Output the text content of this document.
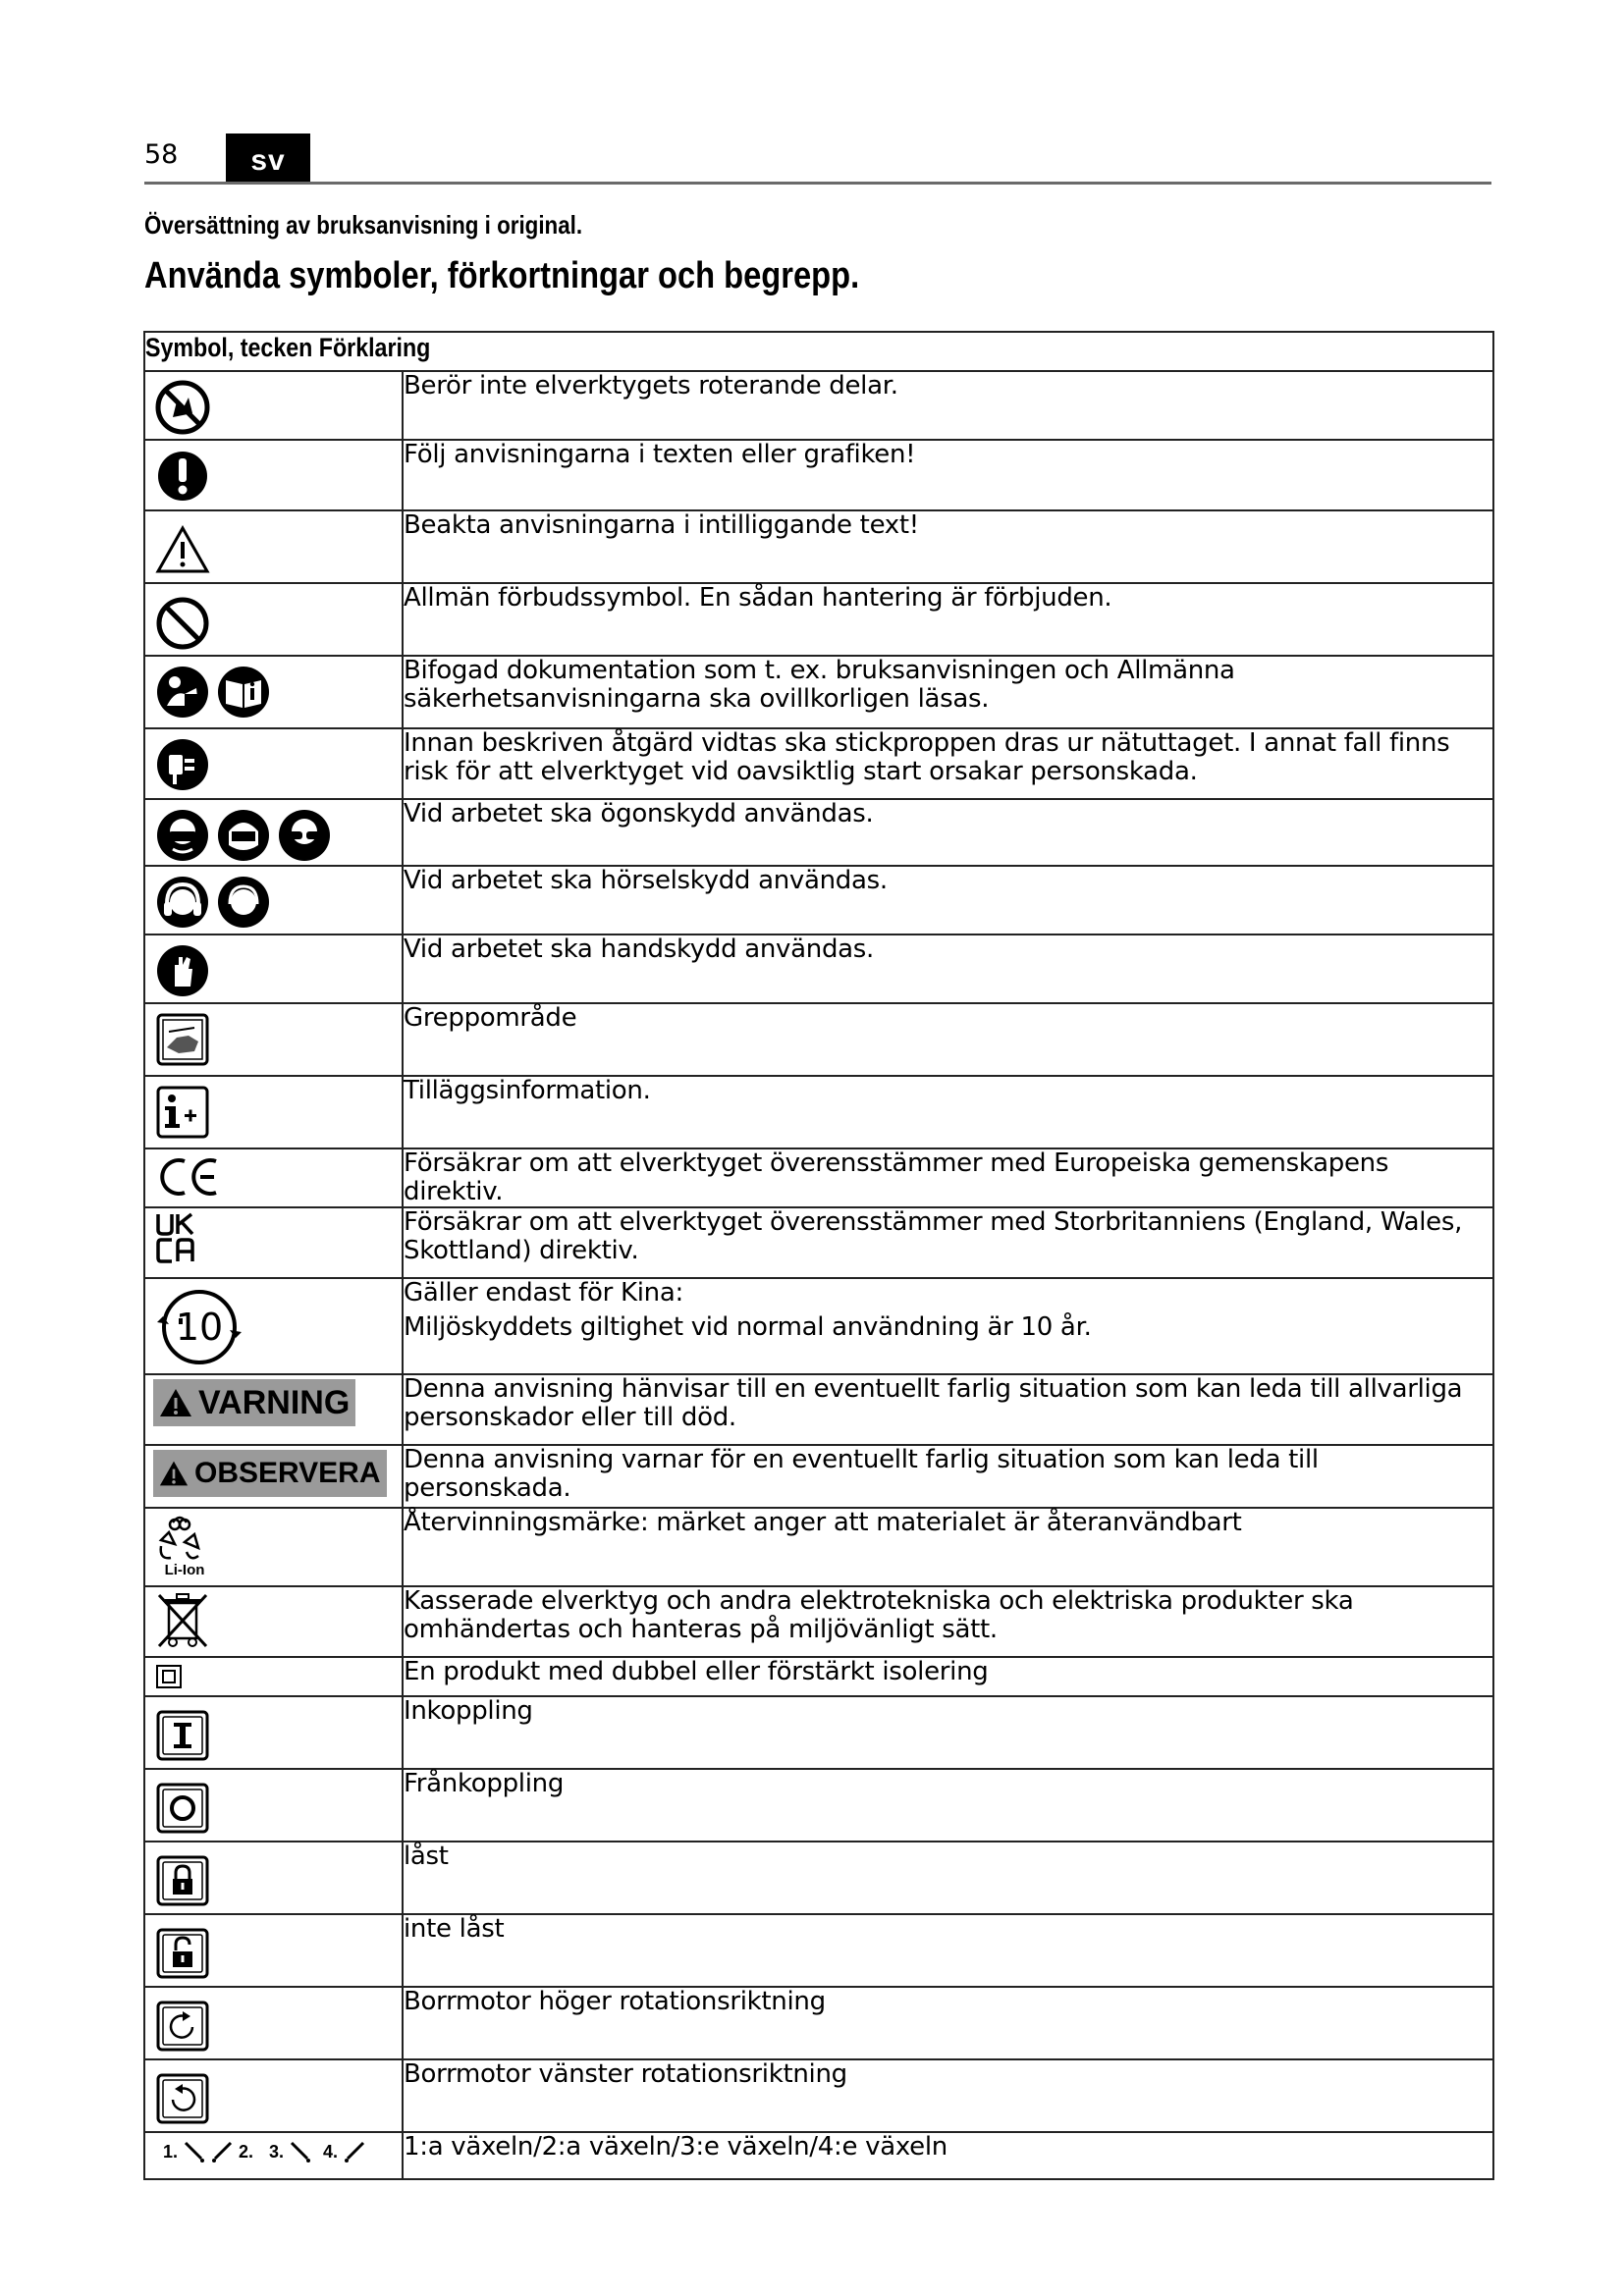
58	sv
Översättning av bruksanvisning i original.
Använda symboler, förkortningar och begrepp.
Symbol, tecken Förklaring	

	Berör inte elverktygets roterande delar.

	Följ anvisningarna i texten eller grafiken!

	Beakta anvisningarna i intilliggande text!

	Allmän förbudssymbol. En sådan hantering är förbjuden.

	Bifogad dokumentation som t. ex. bruksanvisningen och Allmänna säkerhetsanvisningarna ska ovillkorligen läsas.

	Innan beskriven åtgärd vidtas ska stickproppen dras ur nätuttaget. I annat fall finns risk för att elverktyget vid oavsiktlig start orsakar personskada.

	Vid arbetet ska ögonskydd användas.

	Vid arbetet ska hörselskydd användas.

	Vid arbetet ska handskydd användas.

	Greppområde

	Tilläggsinformation.

	Försäkrar om att elverktyget överensstämmer med Europeiska gemenskapens direktiv.

	Försäkrar om att elverktyget överensstämmer med Storbritanniens (England, Wales, Skottland) direktiv.

10	Gäller endast för Kina:
Miljöskyddets giltighet vid normal användning är 10 år.

VARNING	Denna anvisning hänvisar till en eventuellt farlig situation som kan leda till allvarliga personskador eller till död.

OBSERVERA	Denna anvisning varnar för en eventuellt farlig situation som kan leda till personskada.

Li-Ion	Återvinningsmärke: märket anger att materialet är återanvändbart

	Kasserade elverktyg och andra elektrotekniska och elektriska produkter ska omhändertas och hanteras på miljövänligt sätt.

	En produkt med dubbel eller förstärkt isolering

	Inkoppling

	Frånkoppling

	låst

	inte låst

	Borrmotor höger rotationsriktning

	Borrmotor vänster rotationsriktning

1. 2. 3. 4.	1:a växeln/2:a växeln/3:e växeln/4:e växeln
